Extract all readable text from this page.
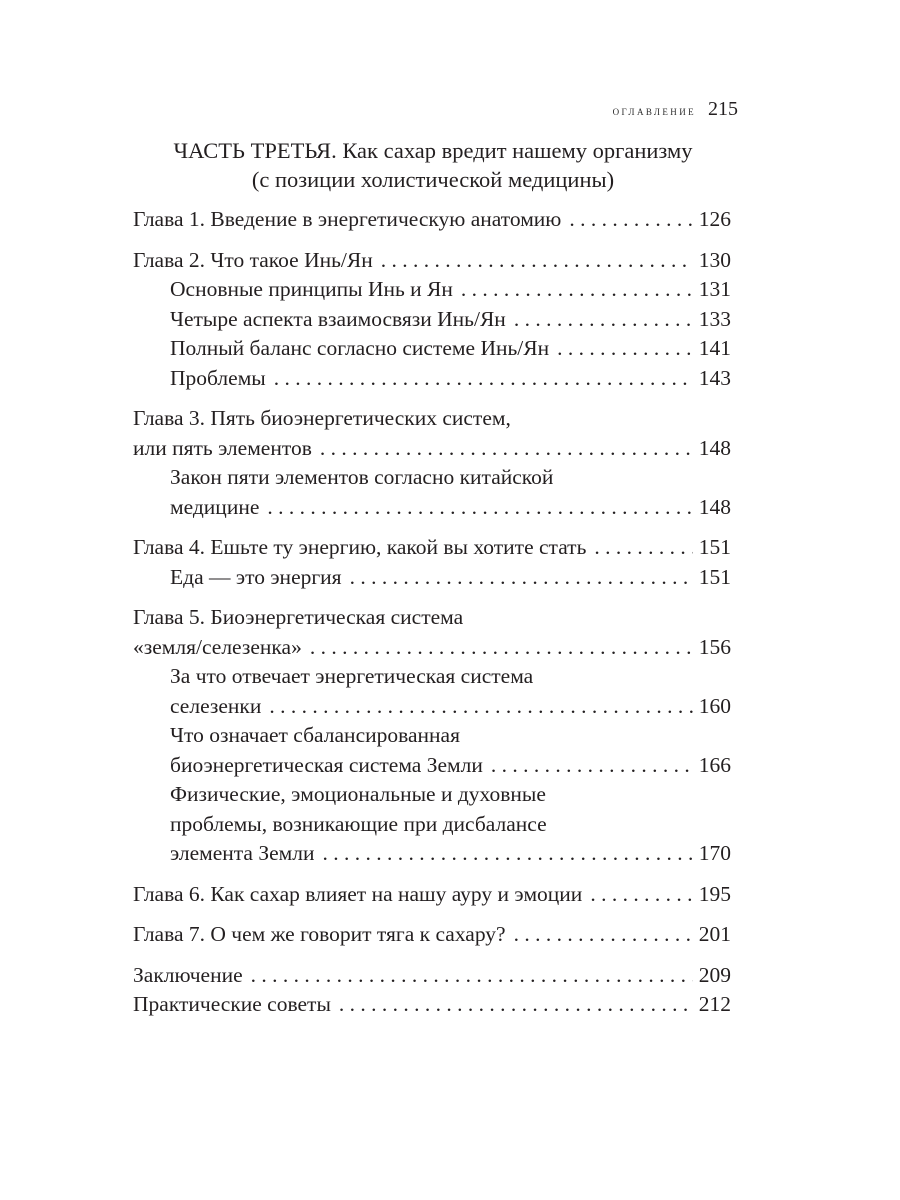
оглавление 215
ЧАСТЬ ТРЕТЬЯ. Как сахар вредит нашему организму
(с позиции холистической медицины)
Глава 1. Введение в энергетическую анатомию . . .	126
Глава 2. Что такое Инь/Ян . . .	130
Основные принципы Инь и Ян . . .	131
Четыре аспекта взаимосвязи Инь/Ян . . .	133
Полный баланс согласно системе Инь/Ян . . .	141
Проблемы . . .	143
Глава 3. Пять биоэнергетических систем,
или пять элементов . . .	148
Закон пяти элементов согласно китайской
медицине . . .	148
Глава 4. Ешьте ту энергию, какой вы хотите стать . . .	151
Еда — это энергия . . .	151
Глава 5. Биоэнергетическая система
«земля/селезенка» . . .	156
За что отвечает энергетическая система
селезенки . . .	160
Что означает сбалансированная
биоэнергетическая система Земли . . .	166
Физические, эмоциональные и духовные
проблемы, возникающие при дисбалансе
элемента Земли . . .	170
Глава 6. Как сахар влияет на нашу ауру и эмоции . . .	195
Глава 7. О чем же говорит тяга к сахару? . . .	201
Заключение . . .	209
Практические советы . . .	212
